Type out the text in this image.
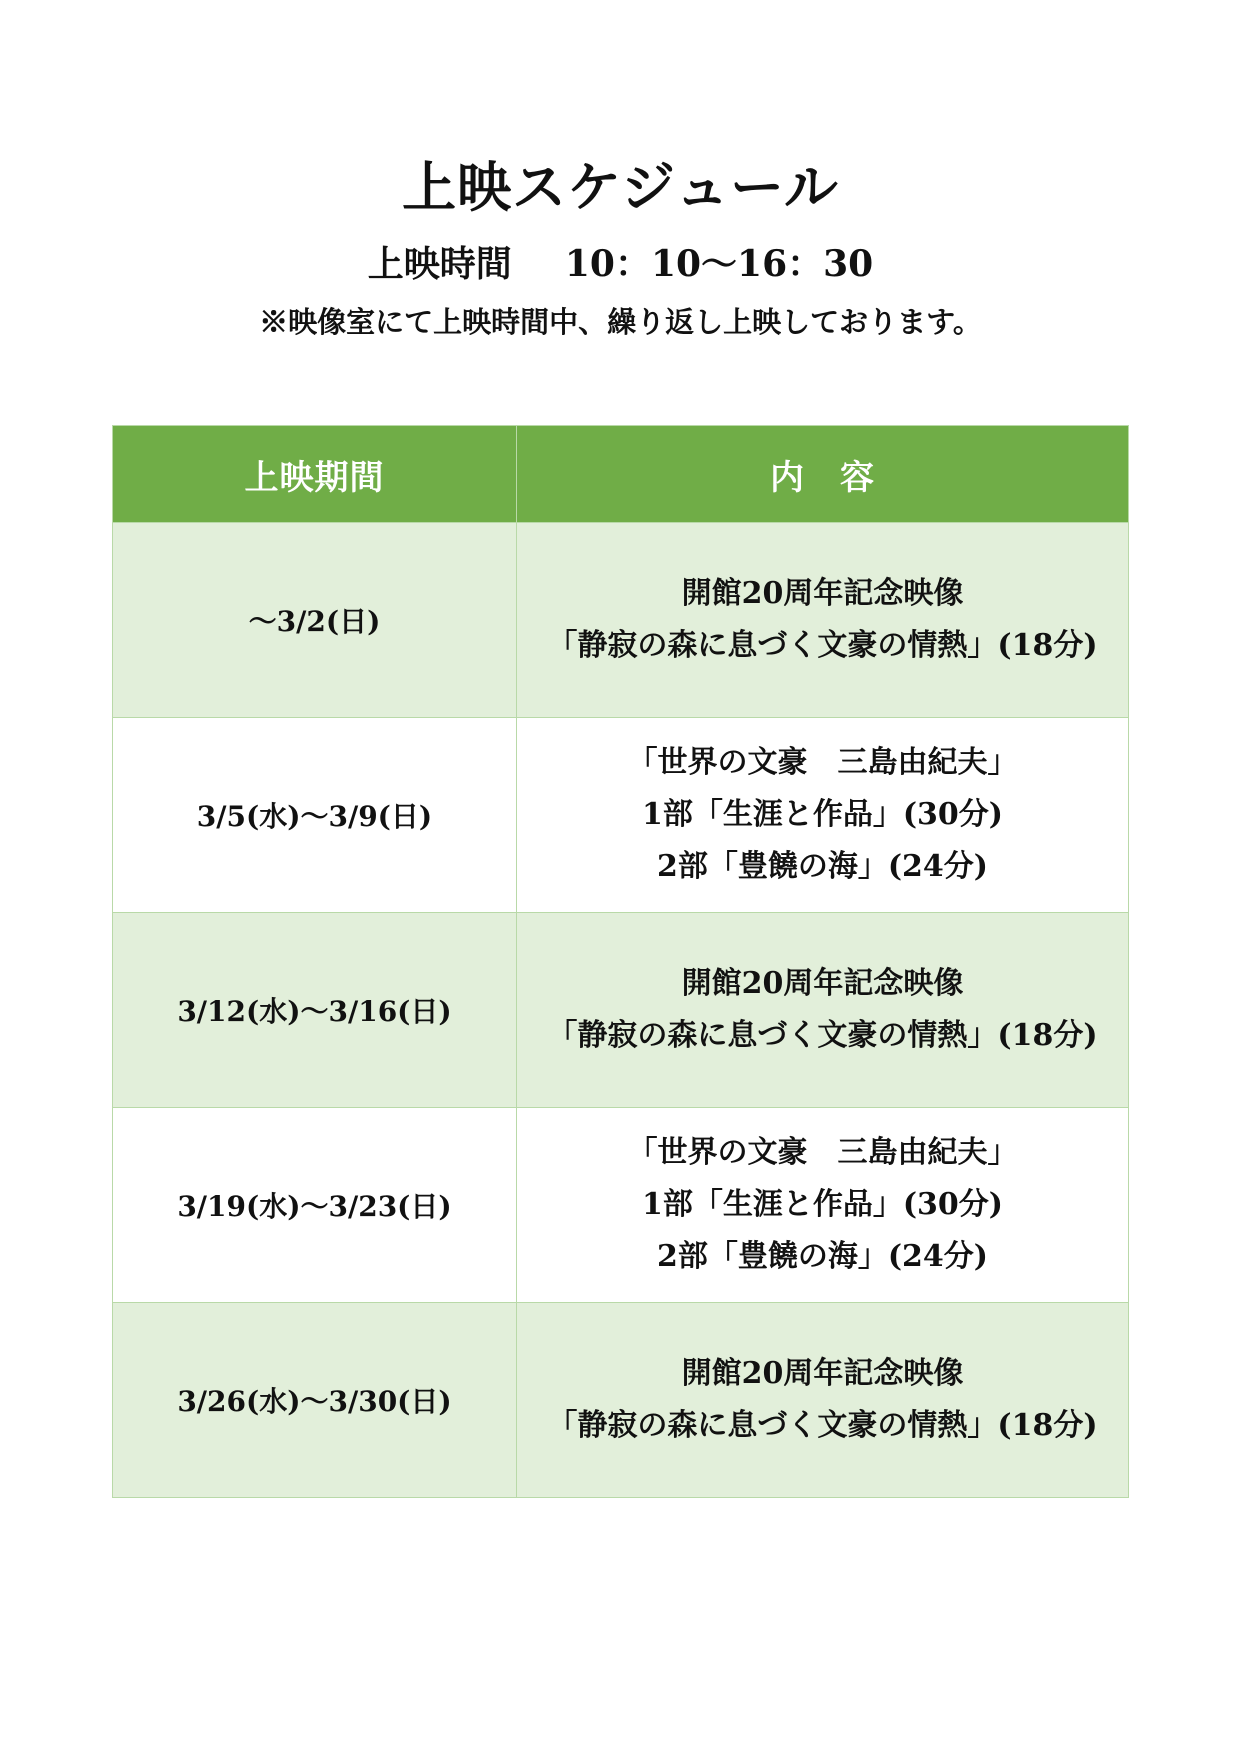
上映スケジュール
上映時間 10：10～16：30
※映像室にて上映時間中、繰り返し上映しております。
上映期間	内　容
～3/2(日)	開館20周年記念映像
「静寂の森に息づく文豪の情熱」(18分)

3/5(水)～3/9(日)	「世界の文豪　三島由紀夫」
1部「生涯と作品」(30分)
2部「豊饒の海」(24分)

3/12(水)～3/16(日)	開館20周年記念映像
「静寂の森に息づく文豪の情熱」(18分)

3/19(水)～3/23(日)	「世界の文豪　三島由紀夫」
1部「生涯と作品」(30分)
2部「豊饒の海」(24分)

3/26(水)～3/30(日)	開館20周年記念映像
「静寂の森に息づく文豪の情熱」(18分)
